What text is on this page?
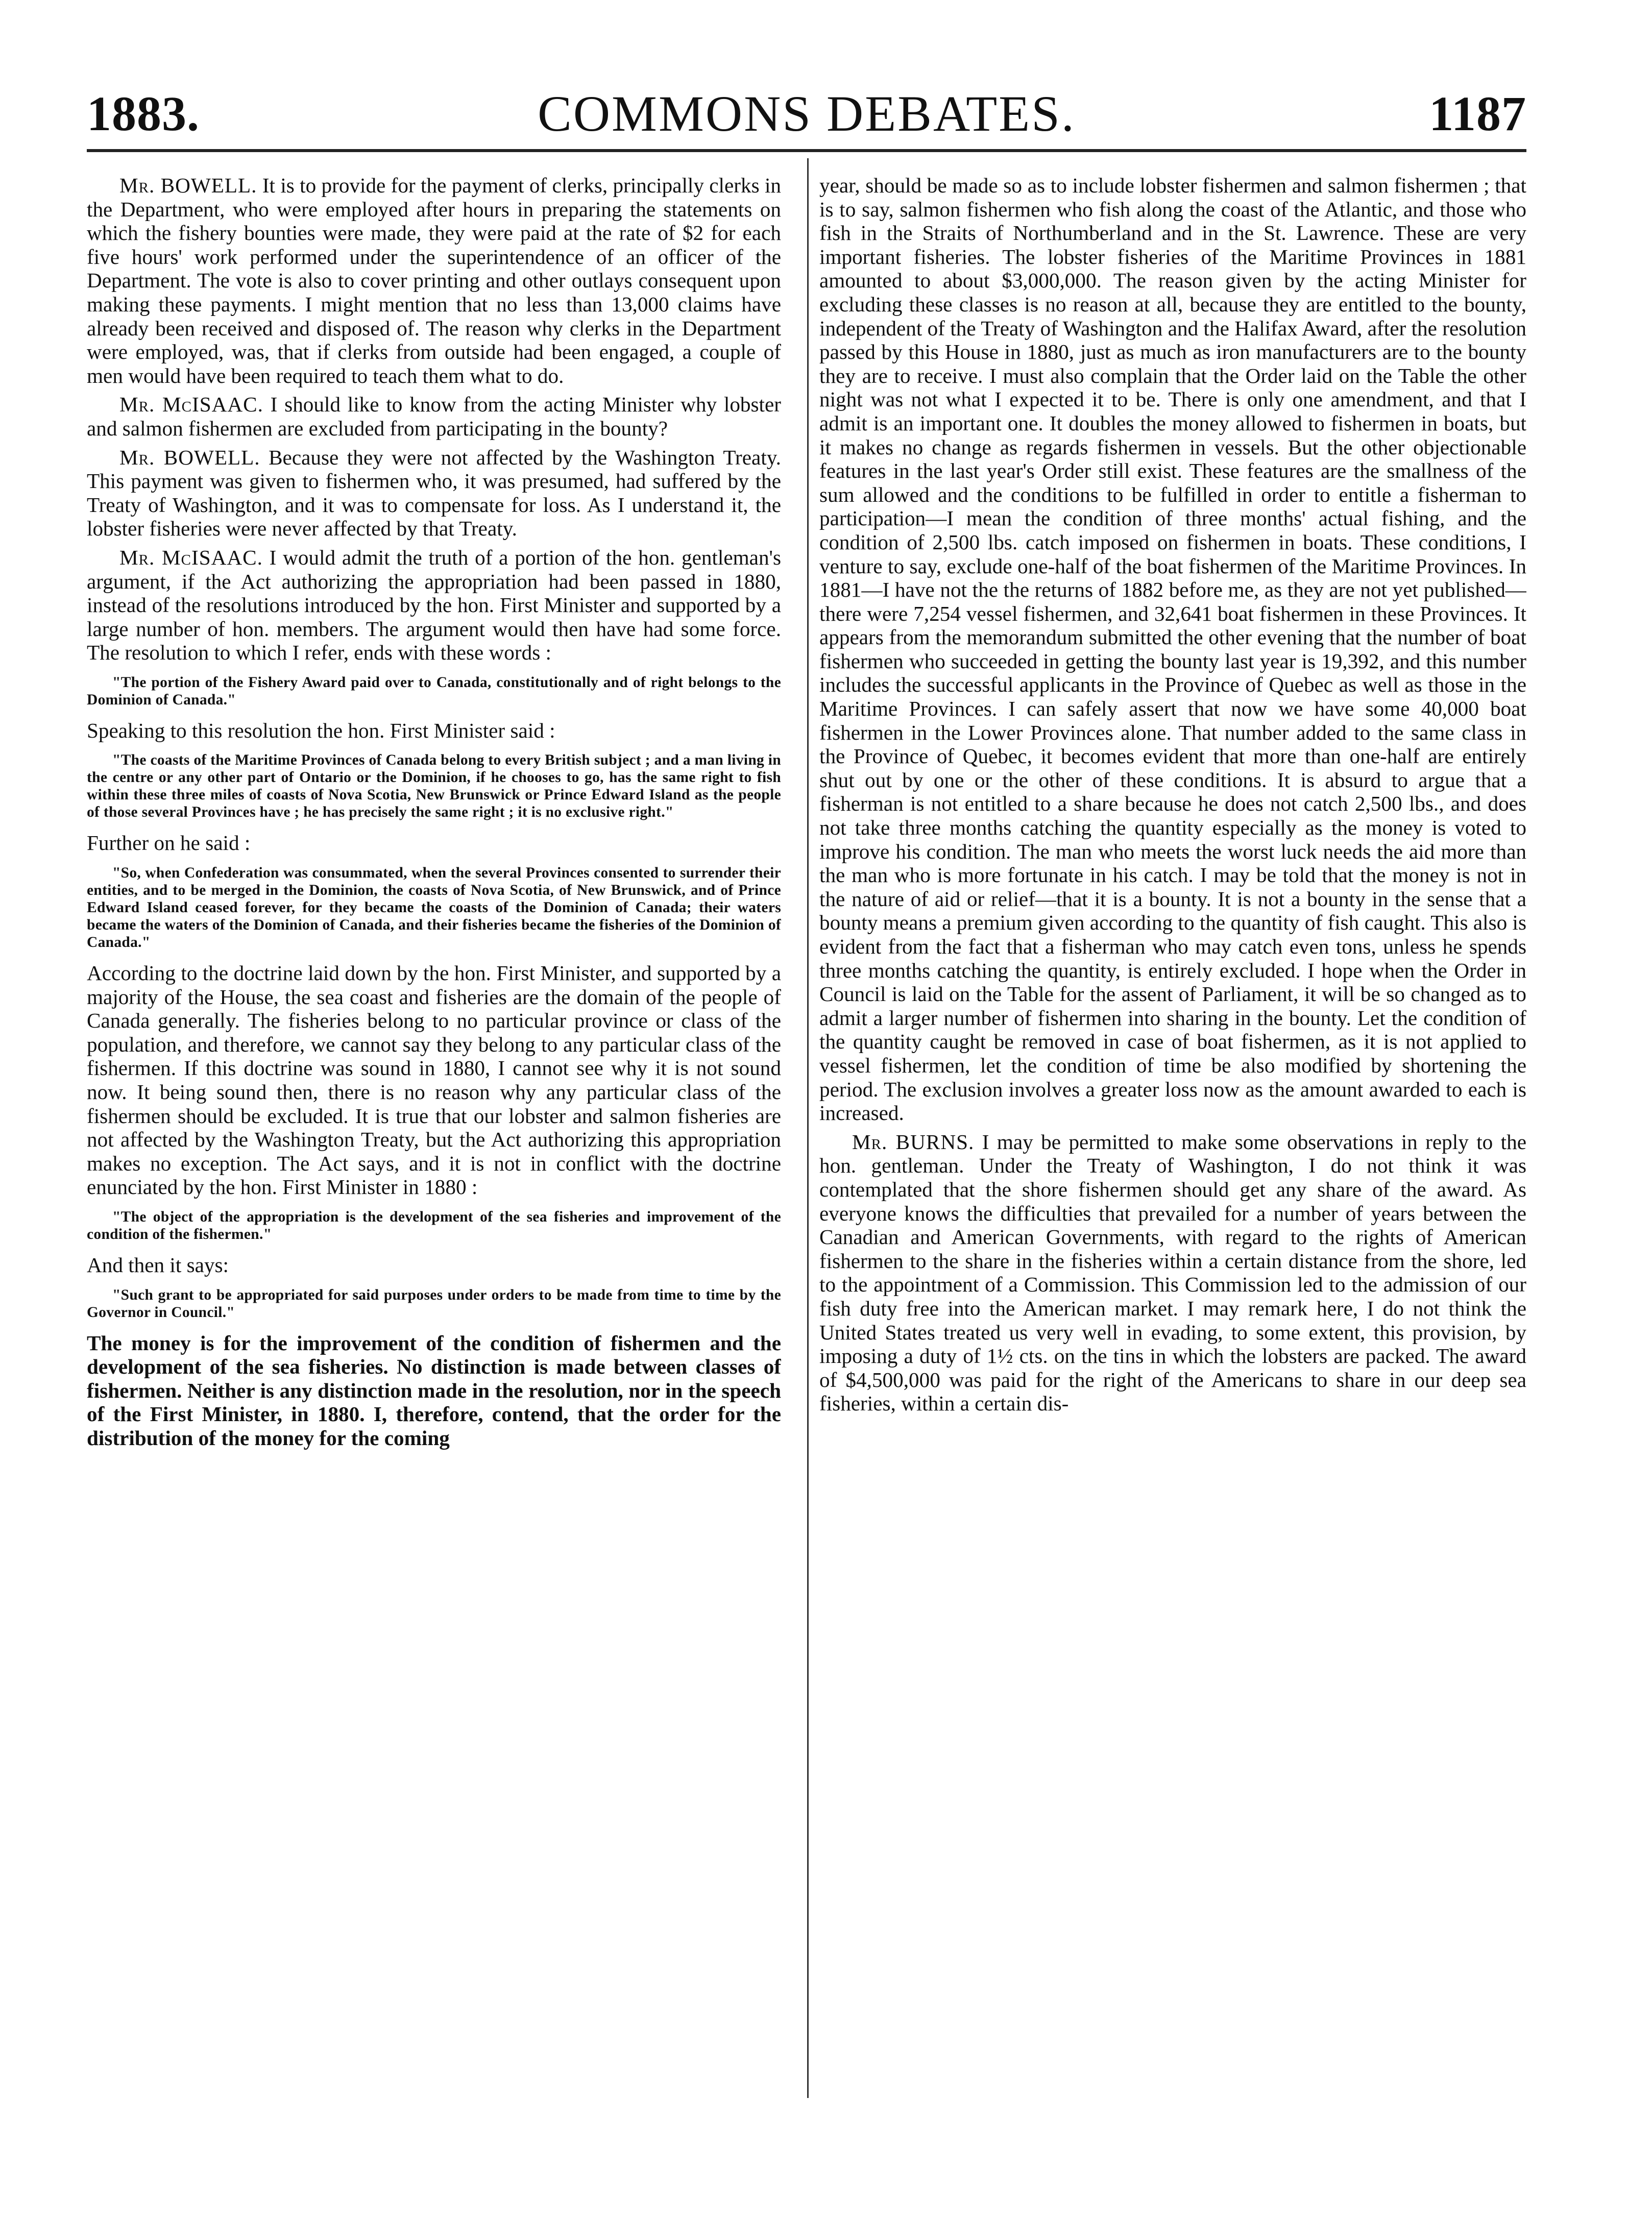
1883.	COMMONS DEBATES.	1187

Mr. BOWELL. It is to provide for the payment of clerks, principally clerks in the Department, who were employed after hours in preparing the statements on which the fishery bounties were made, they were paid at the rate of $2 for each five hours' work performed under the superintendence of an officer of the Department. The vote is also to cover printing and other outlays consequent upon making these payments. I might mention that no less than 13,000 claims have already been received and disposed of. The reason why clerks in the Department were employed, was, that if clerks from outside had been engaged, a couple of men would have been required to teach them what to do.

Mr. McISAAC. I should like to know from the acting Minister why lobster and salmon fishermen are excluded from participating in the bounty?

Mr. BOWELL. Because they were not affected by the Washington Treaty. This payment was given to fishermen who, it was presumed, had suffered by the Treaty of Washington, and it was to compensate for loss. As I understand it, the lobster fisheries were never affected by that Treaty.

Mr. McISAAC. I would admit the truth of a portion of the hon. gentleman's argument, if the Act authorizing the appropriation had been passed in 1880, instead of the resolutions introduced by the hon. First Minister and supported by a large number of hon. members. The argument would then have had some force. The resolution to which I refer, ends with these words :

"The portion of the Fishery Award paid over to Canada, constitutionally and of right belongs to the Dominion of Canada."

Speaking to this resolution the hon. First Minister said :

"The coasts of the Maritime Provinces of Canada belong to every British subject ; and a man living in the centre or any other part of Ontario or the Dominion, if he chooses to go, has the same right to fish within these three miles of coasts of Nova Scotia, New Brunswick or Prince Edward Island as the people of those several Provinces have ; he has precisely the same right ; it is no exclusive right."

Further on he said :

"So, when Confederation was consummated, when the several Provinces consented to surrender their entities, and to be merged in the Dominion, the coasts of Nova Scotia, of New Brunswick, and of Prince Edward Island ceased forever, for they became the coasts of the Dominion of Canada; their waters became the waters of the Dominion of Canada, and their fisheries became the fisheries of the Dominion of Canada."

According to the doctrine laid down by the hon. First Minister, and supported by a majority of the House, the sea coast and fisheries are the domain of the people of Canada generally. The fisheries belong to no particular province or class of the population, and therefore, we cannot say they belong to any particular class of the fishermen. If this doctrine was sound in 1880, I cannot see why it is not sound now. It being sound then, there is no reason why any particular class of the fishermen should be excluded. It is true that our lobster and salmon fisheries are not affected by the Washington Treaty, but the Act authorizing this appropriation makes no exception. The Act says, and it is not in conflict with the doctrine enunciated by the hon. First Minister in 1880 :

"The object of the appropriation is the development of the sea fisheries and improvement of the condition of the fishermen."

And then it says:

"Such grant to be appropriated for said purposes under orders to be made from time to time by the Governor in Council."

The money is for the improvement of the condition of fishermen and the development of the sea fisheries. No distinction is made between classes of fishermen. Neither is any distinction made in the resolution, nor in the speech of the First Minister, in 1880. I, therefore, contend, that the order for the distribution of the money for the coming

year, should be made so as to include lobster fishermen and salmon fishermen ; that is to say, salmon fishermen who fish along the coast of the Atlantic, and those who fish in the Straits of Northumberland and in the St. Lawrence. These are very important fisheries. The lobster fisheries of the Maritime Provinces in 1881 amounted to about $3,000,000. The reason given by the acting Minister for excluding these classes is no reason at all, because they are entitled to the bounty, independent of the Treaty of Washington and the Halifax Award, after the resolution passed by this House in 1880, just as much as iron manufacturers are to the bounty they are to receive. I must also complain that the Order laid on the Table the other night was not what I expected it to be. There is only one amendment, and that I admit is an important one. It doubles the money allowed to fishermen in boats, but it makes no change as regards fishermen in vessels. But the other objectionable features in the last year's Order still exist. These features are the smallness of the sum allowed and the conditions to be fulfilled in order to entitle a fisherman to participation—I mean the condition of three months' actual fishing, and the condition of 2,500 lbs. catch imposed on fishermen in boats. These conditions, I venture to say, exclude one-half of the boat fishermen of the Maritime Provinces. In 1881—I have not the the returns of 1882 before me, as they are not yet published—there were 7,254 vessel fishermen, and 32,641 boat fishermen in these Provinces. It appears from the memorandum submitted the other evening that the number of boat fishermen who succeeded in getting the bounty last year is 19,392, and this number includes the successful applicants in the Province of Quebec as well as those in the Maritime Provinces. I can safely assert that now we have some 40,000 boat fishermen in the Lower Provinces alone. That number added to the same class in the Province of Quebec, it becomes evident that more than one-half are entirely shut out by one or the other of these conditions. It is absurd to argue that a fisherman is not entitled to a share because he does not catch 2,500 lbs., and does not take three months catching the quantity especially as the money is voted to improve his condition. The man who meets the worst luck needs the aid more than the man who is more fortunate in his catch. I may be told that the money is not in the nature of aid or relief—that it is a bounty. It is not a bounty in the sense that a bounty means a premium given according to the quantity of fish caught. This also is evident from the fact that a fisherman who may catch even tons, unless he spends three months catching the quantity, is entirely excluded. I hope when the Order in Council is laid on the Table for the assent of Parliament, it will be so changed as to admit a larger number of fishermen into sharing in the bounty. Let the condition of the quantity caught be removed in case of boat fishermen, as it is not applied to vessel fishermen, let the condition of time be also modified by shortening the period. The exclusion involves a greater loss now as the amount awarded to each is increased.

Mr. BURNS. I may be permitted to make some observations in reply to the hon. gentleman. Under the Treaty of Washington, I do not think it was contemplated that the shore fishermen should get any share of the award. As everyone knows the difficulties that prevailed for a number of years between the Canadian and American Governments, with regard to the rights of American fishermen to the share in the fisheries within a certain distance from the shore, led to the appointment of a Commission. This Commission led to the admission of our fish duty free into the American market. I may remark here, I do not think the United States treated us very well in evading, to some extent, this provision, by imposing a duty of 1½ cts. on the tins in which the lobsters are packed. The award of $4,500,000 was paid for the right of the Americans to share in our deep sea fisheries, within a certain dis-
